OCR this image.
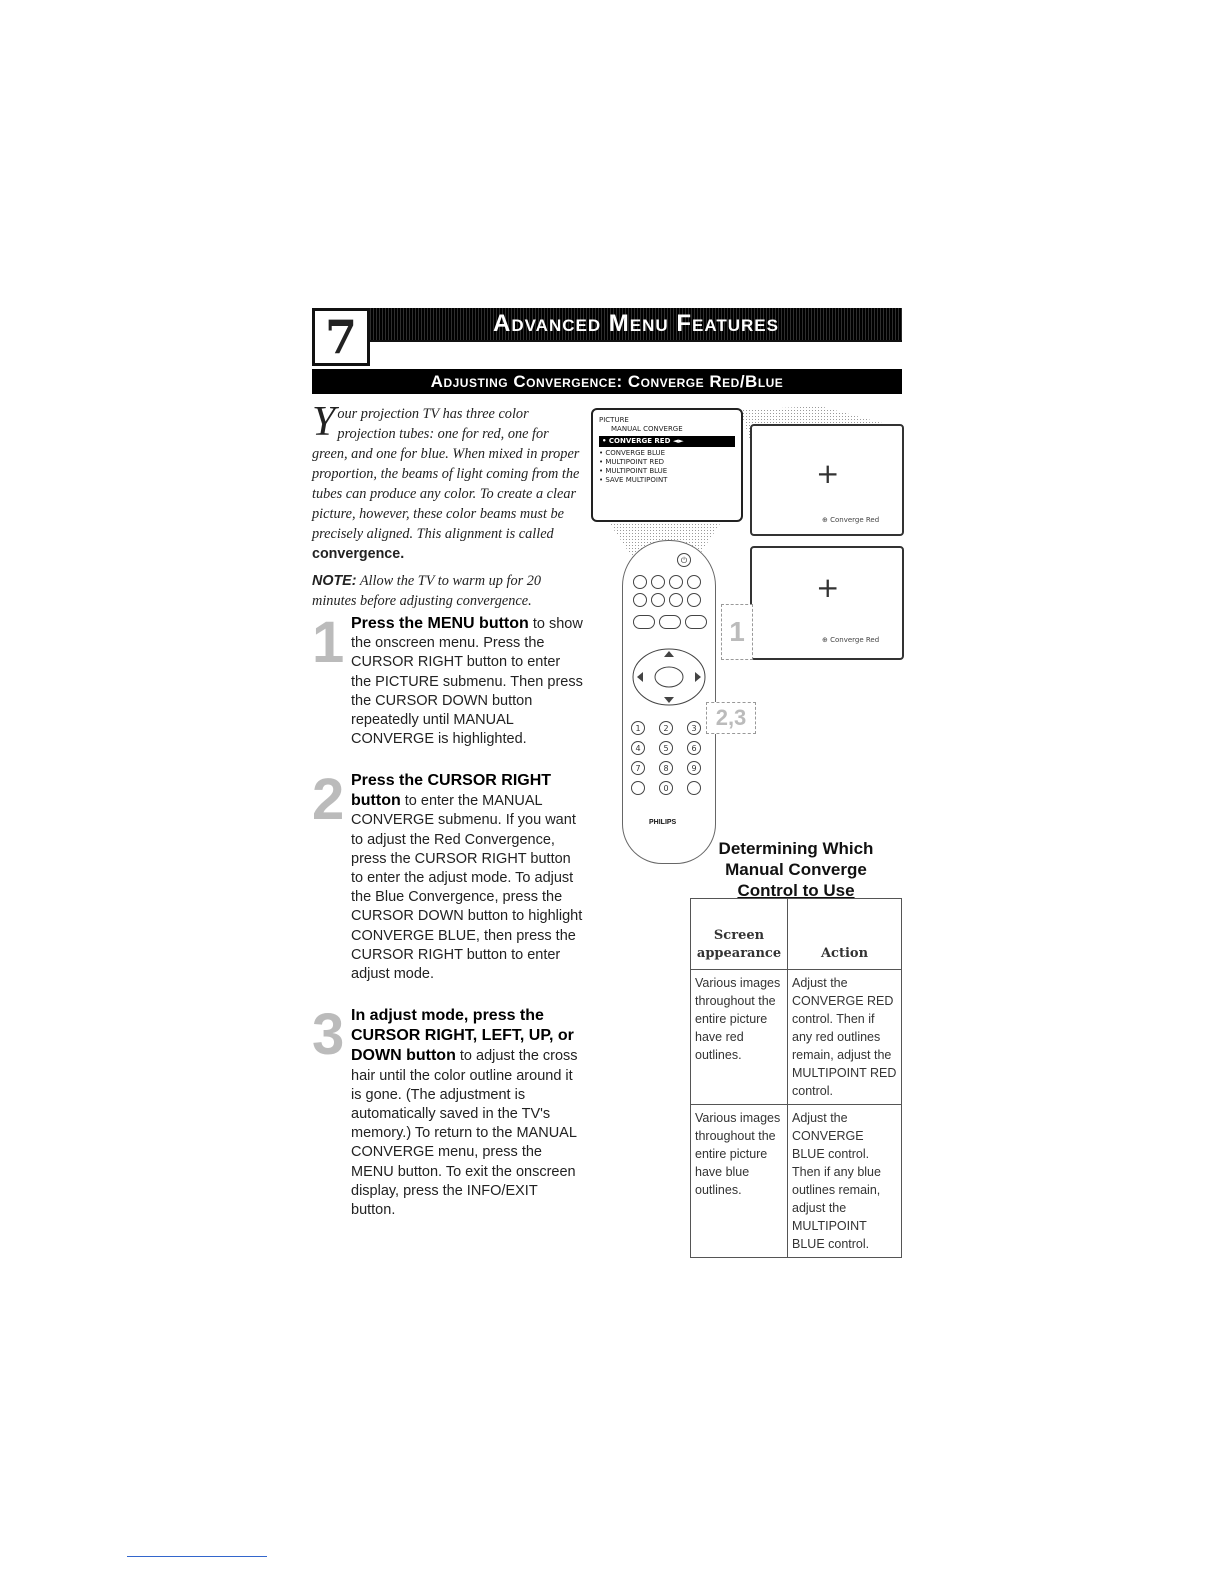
7	Advanced Menu Features
Adjusting Convergence: Converge Red/Blue
Your projection TV has three color projection tubes: one for red, one for green, and one for blue. When mixed in proper proportion, the beams of light coming from the tubes can produce any color. To create a clear picture, however, these color beams must be precisely aligned. This alignment is called convergence.
NOTE: Allow the TV to warm up for 20 minutes before adjusting convergence.
1 Press the MENU button to show the onscreen menu. Press the CURSOR RIGHT button to enter the PICTURE submenu. Then press the CURSOR DOWN button repeatedly until MANUAL CONVERGE is highlighted.
2 Press the CURSOR RIGHT button to enter the MANUAL CONVERGE submenu. If you want to adjust the Red Convergence, press the CURSOR RIGHT button to enter the adjust mode. To adjust the Blue Convergence, press the CURSOR DOWN button to highlight CONVERGE BLUE, then press the CURSOR RIGHT button to enter adjust mode.
3 In adjust mode, press the CURSOR RIGHT, LEFT, UP, or DOWN button to adjust the cross hair until the color outline around it is gone. (The adjustment is automatically saved in the TV's memory.) To return to the MANUAL CONVERGE menu, press the MENU button. To exit the onscreen display, press the INFO/EXIT button.
PICTURE
MANUAL CONVERGE
• CONVERGE RED ◄►
• CONVERGE BLUE
• MULTIPOINT RED
• MULTIPOINT BLUE
• SAVE MULTIPOINT	+
⊕ Converge Red
+
⊕ Converge Red
⏻
1	2	3
4	5	6
7	8	9
0
PHILIPS
1
2,3
Determining Which
Manual Converge
Control to Use
Screen appearance	Action
Various images throughout the entire picture have red outlines.	Adjust the CONVERGE RED control. Then if any red outlines remain, adjust the MULTIPOINT RED control.
Various images throughout the entire picture have blue outlines.	Adjust the CONVERGE BLUE control. Then if any blue outlines remain, adjust the MULTIPOINT BLUE control.
